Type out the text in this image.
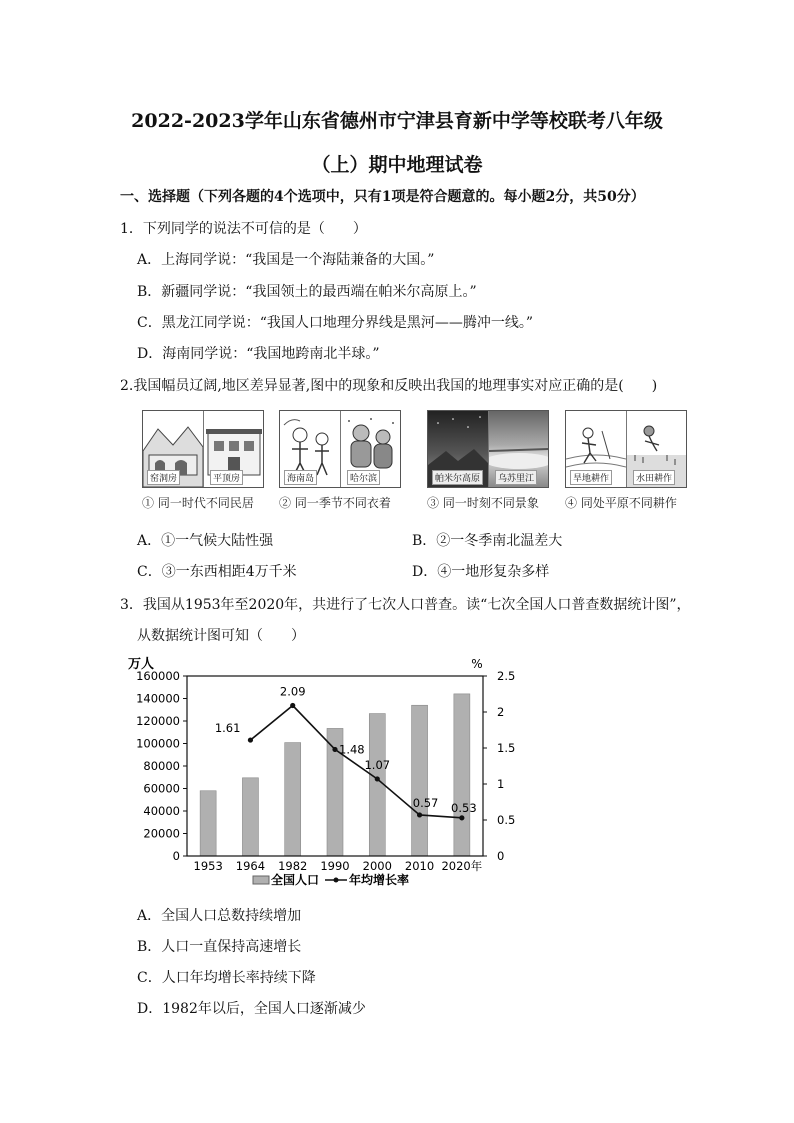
2022-2023学年山东省德州市宁津县育新中学等校联考八年级
（上）期中地理试卷
一、选择题（下列各题的4个选项中，只有1项是符合题意的。每小题2分，共50分）
1．下列同学的说法不可信的是（　　）
A．上海同学说：“我国是一个海陆兼备的大国。”
B．新疆同学说：“我国领土的最西端在帕米尔高原上。”
C．黑龙江同学说：“我国人口地理分界线是黑河——腾冲一线。”
D．海南同学说：“我国地跨南北半球。”
2.我国幅员辽阔,地区差异显著,图中的现象和反映出我国的地理事实对应正确的是(　　)
窑洞房	平顶房
① 同一时代不同民居
海南岛	哈尔滨
② 同一季节不同衣着
帕米尔高原	乌苏里江
③ 同一时刻不同景象
旱地耕作	水田耕作
④ 同处平原不同耕作
A．①一气候大陆性强	B．②一冬季南北温差大
C．③一东西相距4万千米	D．④一地形复杂多样
3．我国从1953年至2020年，共进行了七次人口普查。读“七次全国人口普查数据统计图”，
从数据统计图可知（　　）
万人	%
0
20000
40000
60000
80000
100000
120000
140000
160000
0
0.5
1
1.5
2
2.5
1953 1964 1982 1990 2000 2010 2020年
1.61
2.09
1.48
1.07
0.57 0.53
全国人口 年均增长率
A．全国人口总数持续增加
B．人口一直保持高速增长
C．人口年均增长率持续下降
D．1982年以后，全国人口逐渐减少
